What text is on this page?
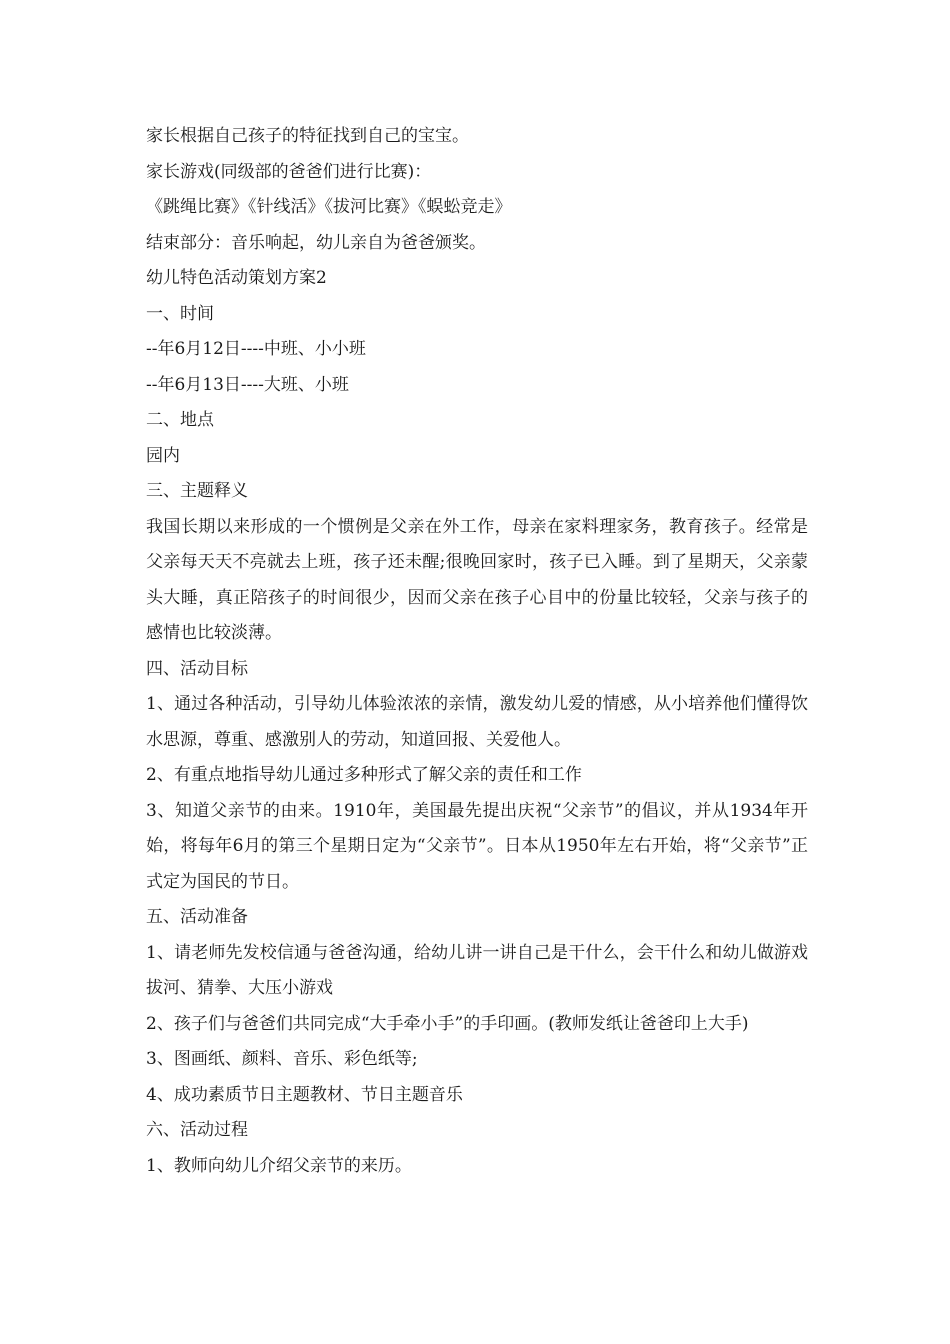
家长根据自己孩子的特征找到自己的宝宝。
家长游戏(同级部的爸爸们进行比赛)：
《跳绳比赛》《针线活》《拔河比赛》《蜈蚣竞走》
结束部分：音乐响起，幼儿亲自为爸爸颁奖。
幼儿特色活动策划方案2
一、时间
--年6月12日----中班、小小班
--年6月13日----大班、小班
二、地点
园内
三、主题释义
我国长期以来形成的一个惯例是父亲在外工作，母亲在家料理家务，教育孩子。经常是父亲每天天不亮就去上班，孩子还未醒;很晚回家时，孩子已入睡。到了星期天，父亲蒙头大睡，真正陪孩子的时间很少，因而父亲在孩子心目中的份量比较轻，父亲与孩子的感情也比较淡薄。
四、活动目标
1、通过各种活动，引导幼儿体验浓浓的亲情，激发幼儿爱的情感，从小培养他们懂得饮水思源，尊重、感激别人的劳动，知道回报、关爱他人。
2、有重点地指导幼儿通过多种形式了解父亲的责任和工作
3、知道父亲节的由来。1910年，美国最先提出庆祝“父亲节”的倡议，并从1934年开始，将每年6月的第三个星期日定为“父亲节”。日本从1950年左右开始，将“父亲节”正式定为国民的节日。
五、活动准备
1、请老师先发校信通与爸爸沟通，给幼儿讲一讲自己是干什么，会干什么和幼儿做游戏拔河、猜拳、大压小游戏
2、孩子们与爸爸们共同完成“大手牵小手”的手印画。(教师发纸让爸爸印上大手)
3、图画纸、颜料、音乐、彩色纸等;
4、成功素质节日主题教材、节日主题音乐
六、活动过程
1、教师向幼儿介绍父亲节的来历。
